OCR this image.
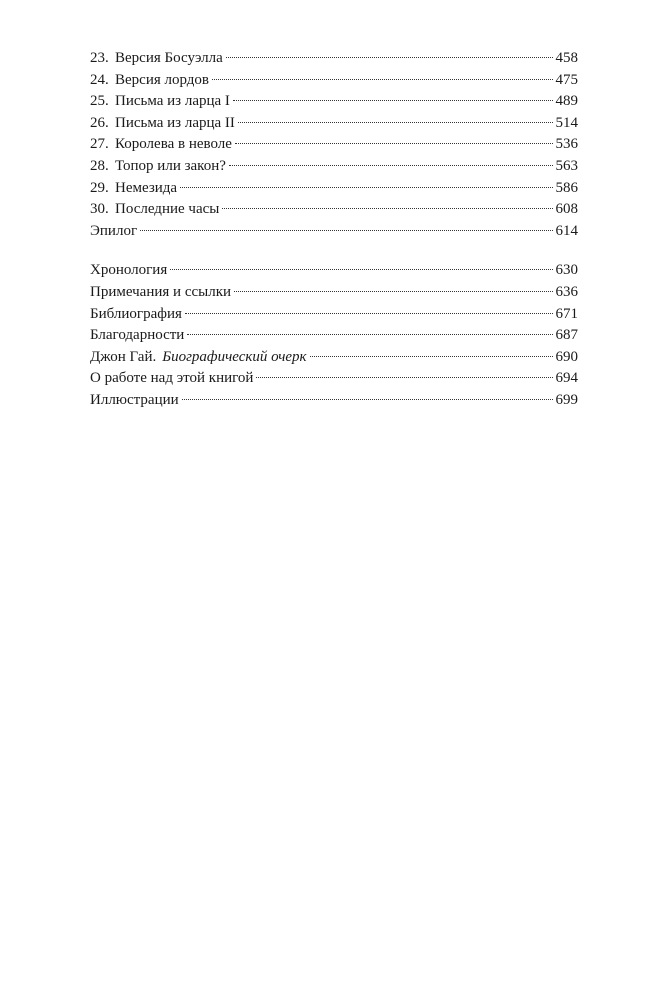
23. Версия Босуэлла	458
24. Версия лордов	475
25. Письма из ларца I	489
26. Письма из ларца II	514
27. Королева в неволе	536
28. Топор или закон?	563
29. Немезида	586
30. Последние часы	608
Эпилог	614
Хронология	630
Примечания и ссылки	636
Библиография	671
Благодарности	687
Джон Гай. Биографический очерк	690
О работе над этой книгой	694
Иллюстрации	699
